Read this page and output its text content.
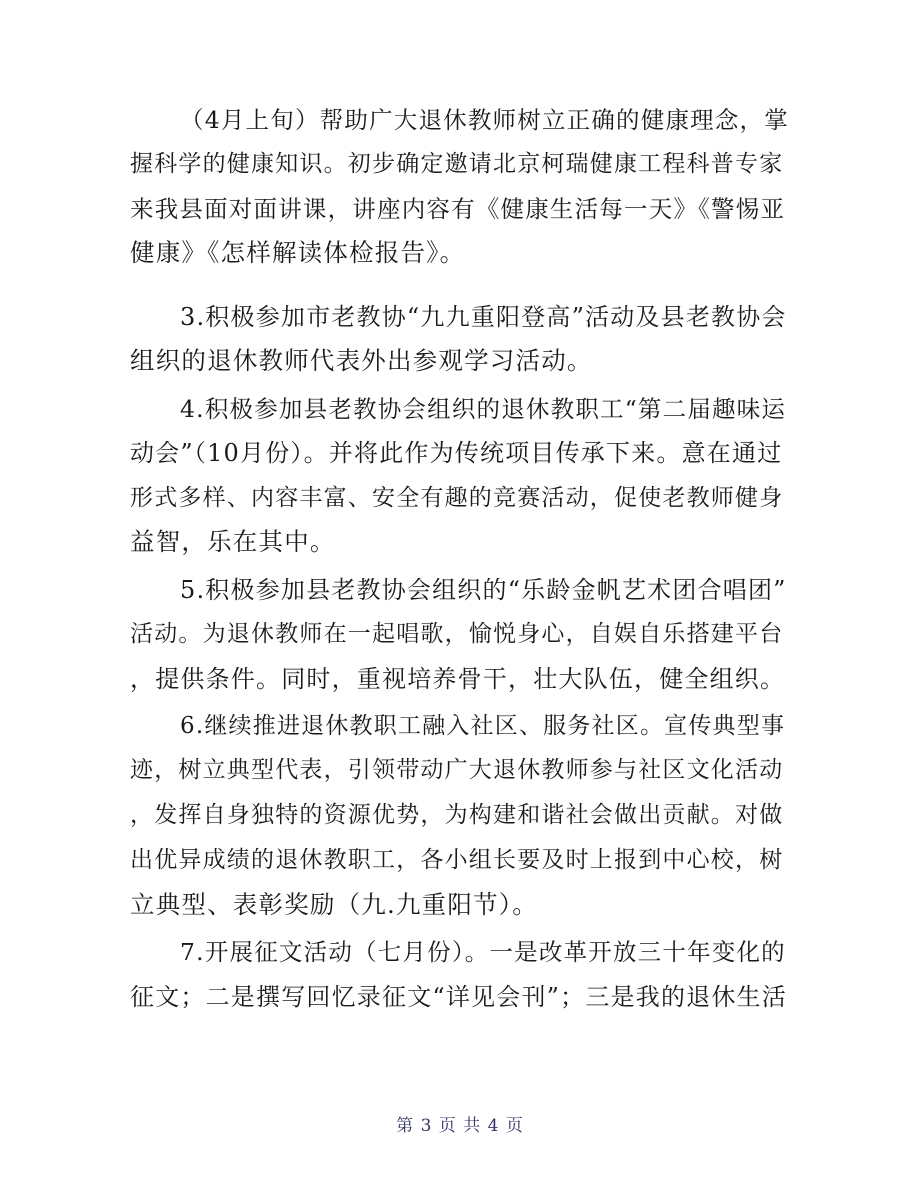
（4月上旬）帮助广大退休教师树立正确的健康理念，掌
握科学的健康知识。初步确定邀请北京柯瑞健康工程科普专家
来我县面对面讲课，讲座内容有《健康生活每一天》《警惕亚
健康》《怎样解读体检报告》。
3.积极参加市老教协“九九重阳登高”活动及县老教协会
组织的退休教师代表外出参观学习活动。
4.积极参加县老教协会组织的退休教职工“第二届趣味运
动会”（10月份）。并将此作为传统项目传承下来。意在通过
形式多样、内容丰富、安全有趣的竞赛活动，促使老教师健身
益智，乐在其中。
5.积极参加县老教协会组织的“乐龄金帆艺术团合唱团”
活动。为退休教师在一起唱歌，愉悦身心，自娱自乐搭建平台
，提供条件。同时，重视培养骨干，壮大队伍，健全组织。
6.继续推进退休教职工融入社区、服务社区。宣传典型事
迹，树立典型代表，引领带动广大退休教师参与社区文化活动
，发挥自身独特的资源优势，为构建和谐社会做出贡献。对做
出优异成绩的退休教职工，各小组长要及时上报到中心校，树
立典型、表彰奖励（九.九重阳节）。
7.开展征文活动（七月份）。一是改革开放三十年变化的
征文；二是撰写回忆录征文“详见会刊”；三是我的退休生活
第 3 页 共 4 页
